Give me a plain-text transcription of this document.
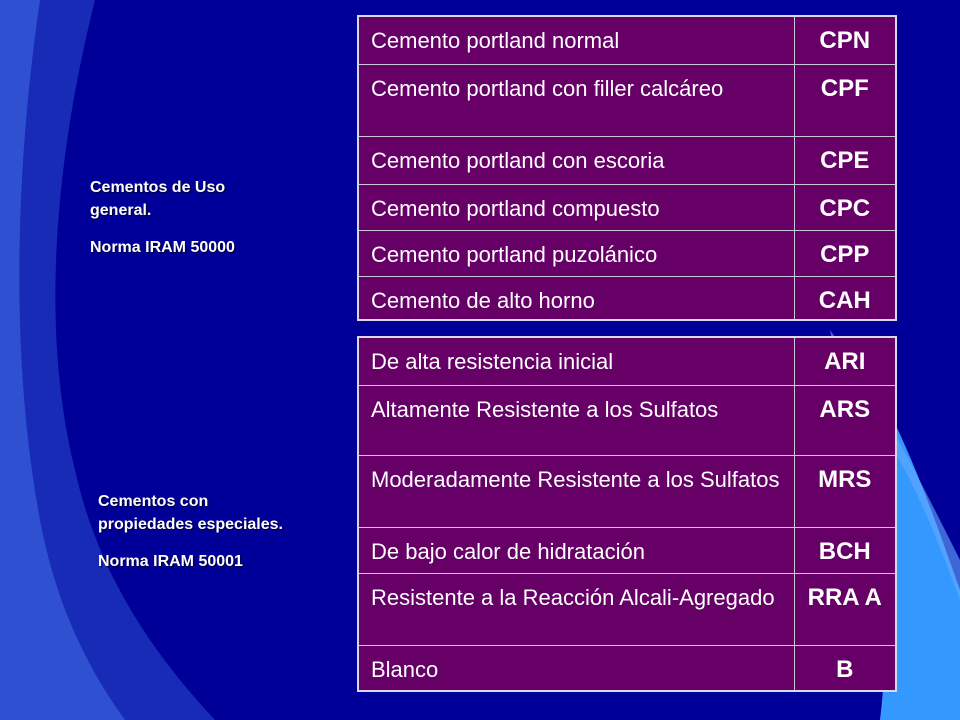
Cementos de Uso general.

Norma IRAM 50000

Cementos con propiedades especiales.

Norma IRAM 50001

Cemento portland normal	CPN
Cemento portland con filler calcáreo	CPF
Cemento portland con escoria	CPE
Cemento portland compuesto	CPC
Cemento portland puzolánico	CPP
Cemento de alto horno	CAH
De alta resistencia inicial	ARI
Altamente Resistente a los Sulfatos	ARS
Moderadamente Resistente a los Sulfatos	MRS
De bajo calor de hidratación	BCH
Resistente a la Reacción Alcali-Agregado	RRA A
Blanco	B
